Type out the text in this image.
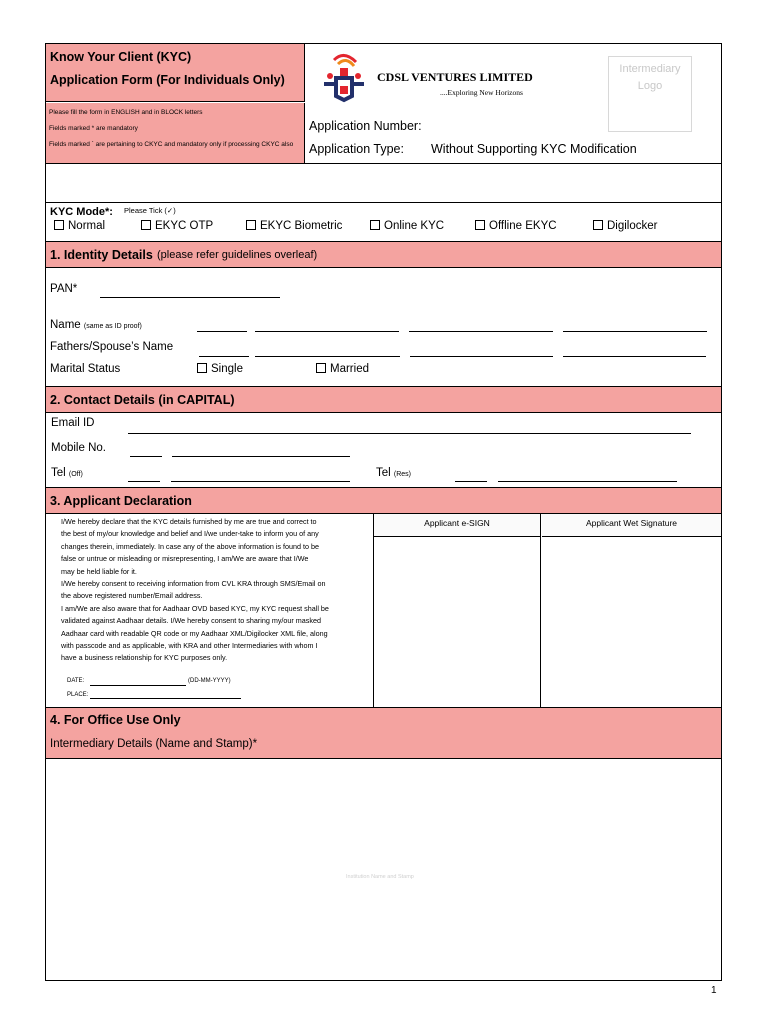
Know Your Client (KYC)
Application Form (For Individuals Only)
Please fill the form in ENGLISH and in BLOCK letters
Fields marked * are mandatory
Fields marked ` are pertaining to CKYC and mandatory only if processing CKYC also
CDSL VENTURES LIMITED
....Exploring New Horizons
Intermediary Logo
Application Number:
Application Type: Without Supporting KYC Modification
KYC Mode*: Please Tick (✓)
Normal	EKYC OTP	EKYC Biometric	Online KYC	Offline EKYC	Digilocker
1. Identity Details (please refer guidelines overleaf)
PAN*
Name (same as ID proof)
Fathers/Spouse’s Name
Marital Status	Single	Married
2. Contact Details (in CAPITAL)
Email ID
Mobile No.
Tel (Off)	Tel (Res)
3. Applicant Declaration
I/We hereby declare that the KYC details furnished by me are true and correct to
the best of my/our knowledge and belief and I/we under-take to inform you of any
changes therein, immediately. In case any of the above information is found to be
false or untrue or misleading or misrepresenting, I am/We are aware that I/We
may be held liable for it.
I/We hereby consent to receiving information from CVL KRA through SMS/Email on
the above registered number/Email address.
I am/We are also aware that for Aadhaar OVD based KYC, my KYC request shall be
validated against Aadhaar details. I/We hereby consent to sharing my/our masked
Aadhaar card with readable QR code or my Aadhaar XML/Digilocker XML file, along
with passcode and as applicable, with KRA and other Intermediaries with whom I
have a business relationship for KYC purposes only.
DATE:	(DD-MM-YYYY)
PLACE:
Applicant e-SIGN	Applicant Wet Signature
4. For Office Use Only
Intermediary Details (Name and Stamp)*
Institution Name and Stamp
1
